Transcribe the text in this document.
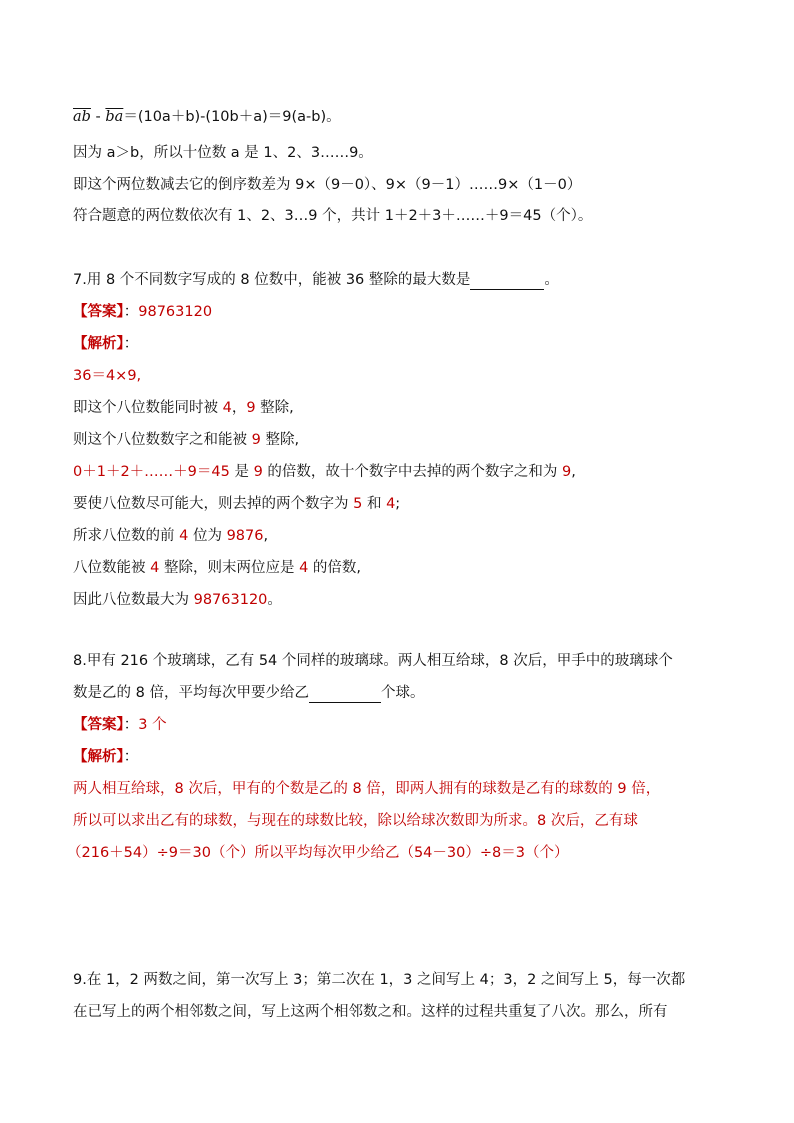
$\overline{ab} - \overline{ba}=(10a+b)-(10b+a)=9(a-b)$。
因为 a＞b，所以十位数 a 是 1、2、3……9。
即这个两位数减去它的倒序数差为 9×（9－0）、9×（9－1）……9×（1－0）
符合题意的两位数依次有 1、2、3…9 个，共计 1＋2＋3＋……＋9＝45（个）。
7.用 8 个不同数字写成的 8 位数中，能被 36 整除的最大数是	。
【答案】：98763120
【解析】：
36＝4×9,
即这个八位数能同时被 4，9 整除,
则这个八位数数字之和能被 9 整除,
0＋1＋2＋……＋9＝45 是 9 的倍数，故十个数字中去掉的两个数字之和为 9,
要使八位数尽可能大，则去掉的两个数字为 5 和 4;
所求八位数的前 4 位为 9876,
八位数能被 4 整除，则末两位应是 4 的倍数,
因此八位数最大为 98763120。
8.甲有 216 个玻璃球，乙有 54 个同样的玻璃球。两人相互给球，8 次后，甲手中的玻璃球个
数是乙的 8 倍，平均每次甲要少给乙	个球。
【答案】：3 个
【解析】：
两人相互给球，8 次后，甲有的个数是乙的 8 倍，即两人拥有的球数是乙有的球数的 9 倍，
所以可以求出乙有的球数，与现在的球数比较，除以给球次数即为所求。8 次后，乙有球
（216＋54）÷9＝30（个）所以平均每次甲少给乙（54－30）÷8＝3（个）
9.在 1，2 两数之间，第一次写上 3；第二次在 1，3 之间写上 4；3，2 之间写上 5，每一次都
在已写上的两个相邻数之间，写上这两个相邻数之和。这样的过程共重复了八次。那么，所有
